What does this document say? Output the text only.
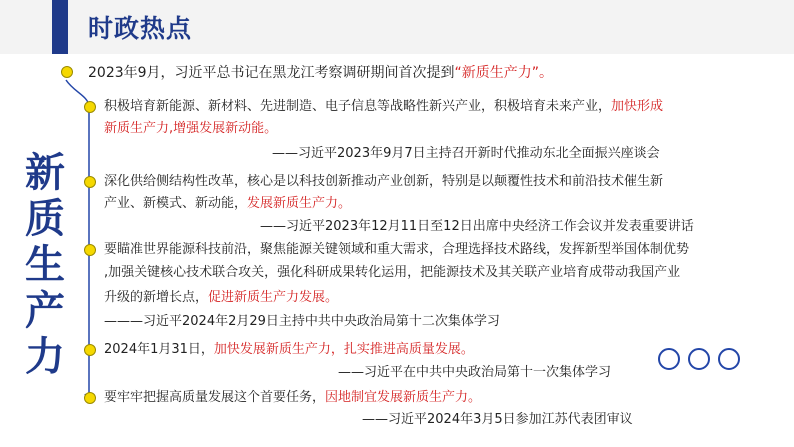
时政热点
新
质
生
产
力
2023年9月，习近平总书记在黑龙江考察调研期间首次提到“新质生产力”。
积极培育新能源、新材料、先进制造、电子信息等战略性新兴产业，积极培育未来产业，加快形成
新质生产力,增强发展新动能。
——习近平2023年9月7日主持召开新时代推动东北全面振兴座谈会
深化供给侧结构性改革，核心是以科技创新推动产业创新，特别是以颠覆性技术和前沿技术催生新
产业、新模式、新动能，发展新质生产力。
——习近平2023年12月11日至12日出席中央经济工作会议并发表重要讲话
要瞄准世界能源科技前沿，聚焦能源关键领域和重大需求，合理选择技术路线，发挥新型举国体制优势
,加强关键核心技术联合攻关，强化科研成果转化运用，把能源技术及其关联产业培育成带动我国产业
升级的新增长点，促进新质生产力发展。
———习近平2024年2月29日主持中共中央政治局第十二次集体学习
2024年1月31日，加快发展新质生产力，扎实推进高质量发展。
——习近平在中共中央政治局第十一次集体学习
要牢牢把握高质量发展这个首要任务，因地制宜发展新质生产力。
——习近平2024年3月5日参加江苏代表团审议
